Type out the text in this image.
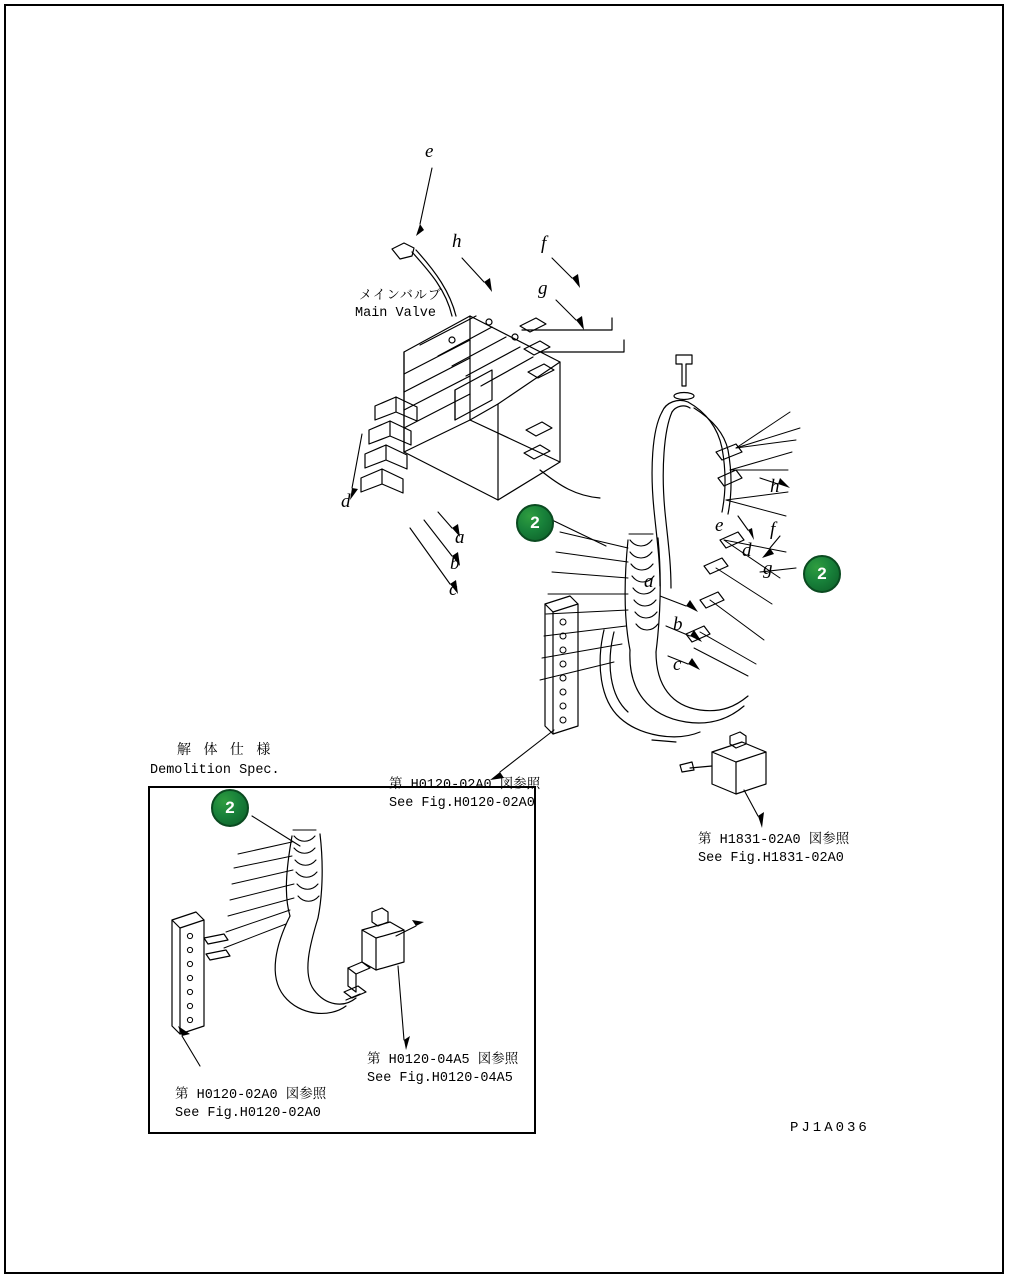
e
h	f
g
d
a
b
c
メインバルブ
Main Valve
h
e f
d
g
a
b
c
2
2
第 H0120-02A0 図参照
See Fig.H0120-02A0
第 H1831-02A0 図参照
See Fig.H1831-02A0
解 体 仕 様
Demolition Spec.
2
第 H0120-04A5 図参照
See Fig.H0120-04A5
第 H0120-02A0 図参照
See Fig.H0120-02A0
PJ1A036
